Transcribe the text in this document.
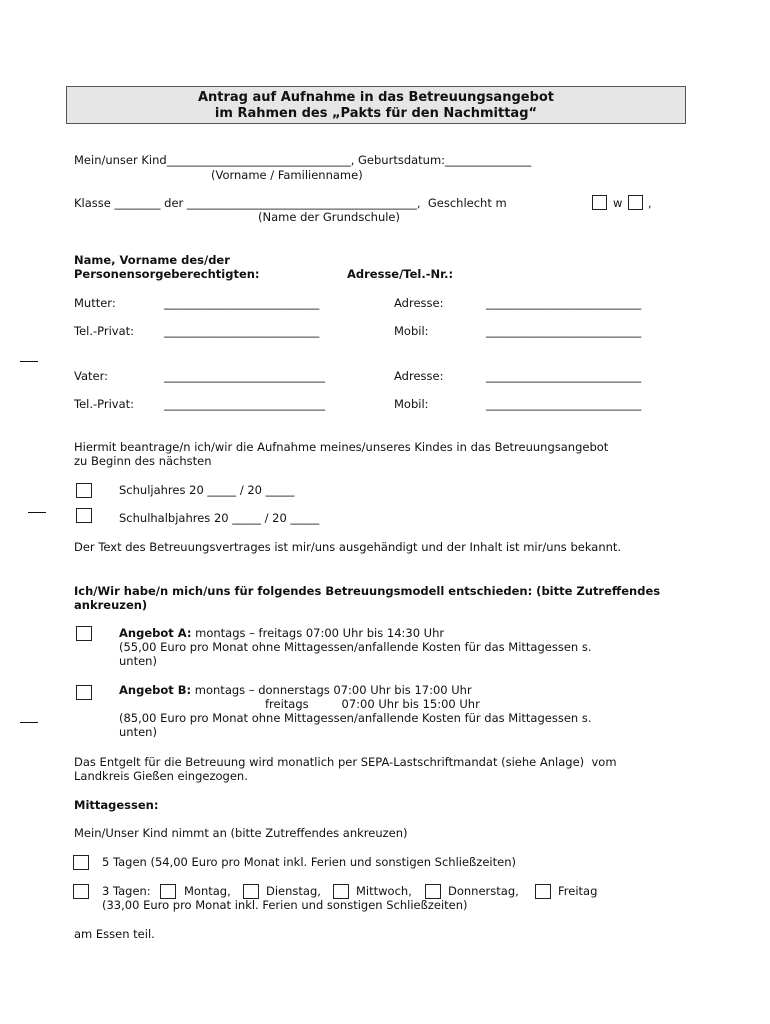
Antrag auf Aufnahme in das Betreuungsangebot
im Rahmen des „Pakts für den Nachmittag“
Mein/unser Kind________________________________, Geburtsdatum:_______________
(Vorname / Familienname)
Klasse ________ der ________________________________________,  Geschlecht m	w ,
(Name der Grundschule)
Name, Vorname des/der
Personensorgeberechtigten:	Adresse/Tel.-Nr.:
Mutter:	___________________________	Adresse:	___________________________
Tel.-Privat:	___________________________	Mobil:	___________________________
Vater:	____________________________	Adresse:	___________________________
Tel.-Privat:	____________________________	Mobil:	___________________________
Hiermit beantrage/n ich/wir die Aufnahme meines/unseres Kindes in das Betreuungsangebot
zu Beginn des nächsten
Schuljahres 20 _____ / 20 _____
Schulhalbjahres 20 _____ / 20 _____
Der Text des Betreuungsvertrages ist mir/uns ausgehändigt und der Inhalt ist mir/uns bekannt.
Ich/Wir habe/n mich/uns für folgendes Betreuungsmodell entschieden: (bitte Zutreffendes
ankreuzen)
Angebot A: montags – freitags 07:00 Uhr bis 14:30 Uhr
(55,00 Euro pro Monat ohne Mittagessen/anfallende Kosten für das Mittagessen s.
unten)
Angebot B: montags – donnerstags 07:00 Uhr bis 17:00 Uhr
freitags         07:00 Uhr bis 15:00 Uhr
(85,00 Euro pro Monat ohne Mittagessen/anfallende Kosten für das Mittagessen s.
unten)
Das Entgelt für die Betreuung wird monatlich per SEPA-Lastschriftmandat (siehe Anlage)  vom
Landkreis Gießen eingezogen.
Mittagessen:
Mein/Unser Kind nimmt an (bitte Zutreffendes ankreuzen)
5 Tagen (54,00 Euro pro Monat inkl. Ferien und sonstigen Schließzeiten)
3 Tagen:	Montag,	Dienstag,	Mittwoch,	Donnerstag,	Freitag
(33,00 Euro pro Monat inkl. Ferien und sonstigen Schließzeiten)
am Essen teil.
